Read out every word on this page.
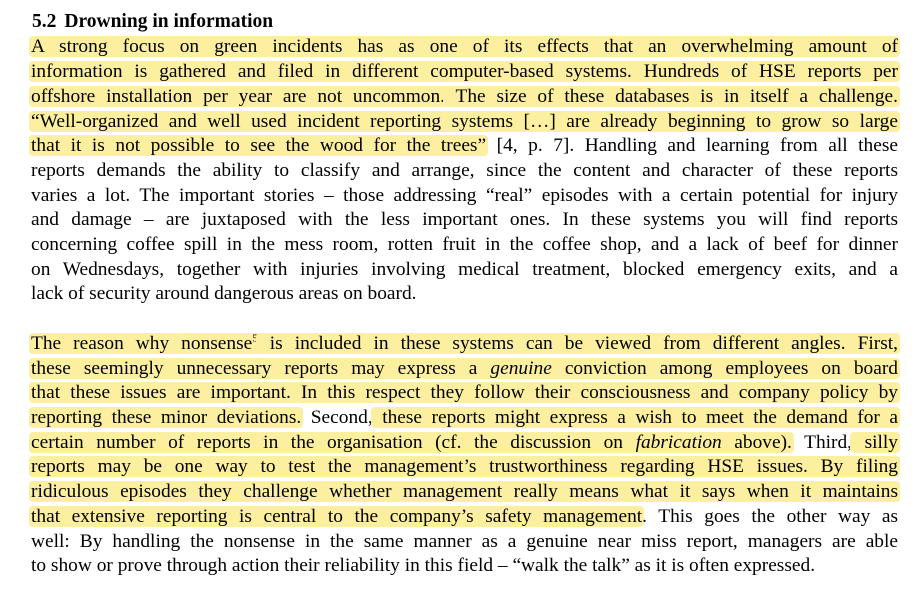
5.2 Drowning in information
A strong focus on green incidents has as one of its effects that an overwhelming amount of
information is gathered and filed in different computer-based systems. Hundreds of HSE reports per
offshore installation per year are not uncommon. The size of these databases is in itself a challenge.
“Well-organized and well used incident reporting systems […] are already beginning to grow so large
that it is not possible to see the wood for the trees” [4, p. 7]. Handling and learning from all these
reports demands the ability to classify and arrange, since the content and character of these reports
varies a lot. The important stories – those addressing “real” episodes with a certain potential for injury
and damage – are juxtaposed with the less important ones. In these systems you will find reports
concerning coffee spill in the mess room, rotten fruit in the coffee shop, and a lack of beef for dinner
on Wednesdays, together with injuries involving medical treatment, blocked emergency exits, and a
lack of security around dangerous areas on board.
The reason why nonsense$^5$ is included in these systems can be viewed from different angles. First,
these seemingly unnecessary reports may express a genuine conviction among employees on board
that these issues are important. In this respect they follow their consciousness and company policy by
reporting these minor deviations. Second, these reports might express a wish to meet the demand for a
certain number of reports in the organisation (cf. the discussion on fabrication above). Third, silly
reports may be one way to test the management’s trustworthiness regarding HSE issues. By filing
ridiculous episodes they challenge whether management really means what it says when it maintains
that extensive reporting is central to the company’s safety management. This goes the other way as
well: By handling the nonsense in the same manner as a genuine near miss report, managers are able
to show or prove through action their reliability in this field – “walk the talk” as it is often expressed.
